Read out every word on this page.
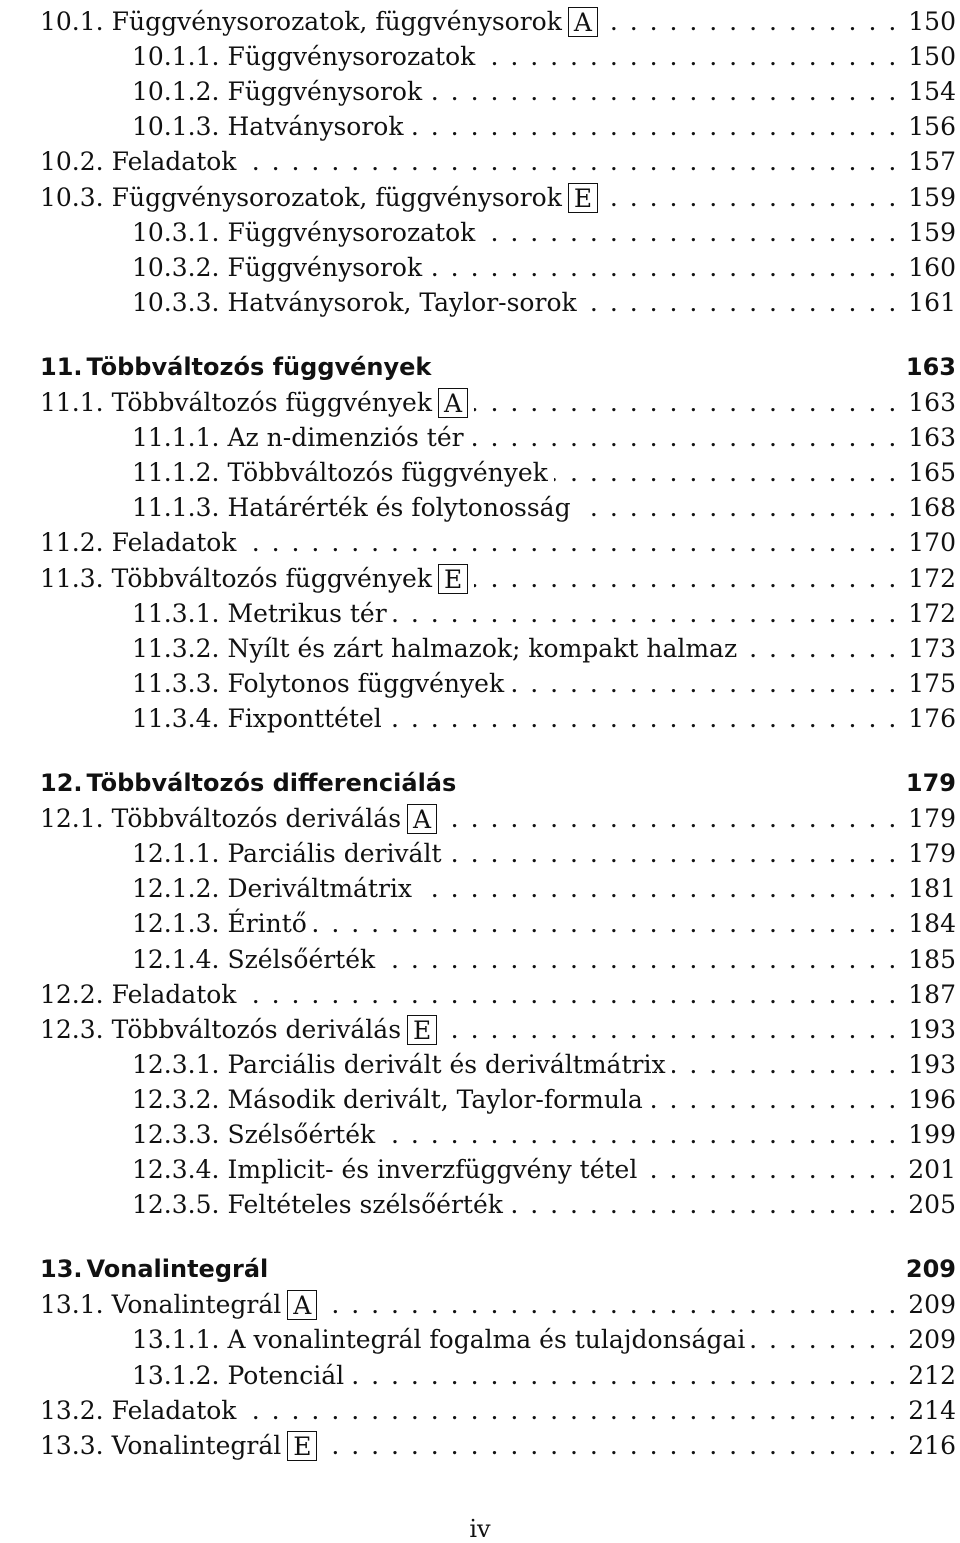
10.1. Függvénysorozatok, függvénysorok A . . .	150
10.1.1. Függvénysorozatok . . .	150
10.1.2. Függvénysorok . . .	154
10.1.3. Hatványsorok . . .	156
10.2. Feladatok . . .	157
10.3. Függvénysorozatok, függvénysorok E . . .	159
10.3.1. Függvénysorozatok . . .	159
10.3.2. Függvénysorok . . .	160
10.3.3. Hatványsorok, Taylor-sorok . . .	161
11. Többváltozós függvények	163
11.1. Többváltozós függvények A . . .	163
11.1.1. Az n-dimenziós tér . . .	163
11.1.2. Többváltozós függvények . . .	165
11.1.3. Határérték és folytonosság . . .	168
11.2. Feladatok . . .	170
11.3. Többváltozós függvények E . . .	172
11.3.1. Metrikus tér . . .	172
11.3.2. Nyílt és zárt halmazok; kompakt halmaz . . .	173
11.3.3. Folytonos függvények . . .	175
11.3.4. Fixponttétel . . .	176
12. Többváltozós differenciálás	179
12.1. Többváltozós deriválás A . . .	179
12.1.1. Parciális derivált . . .	179
12.1.2. Deriváltmátrix . . .	181
12.1.3. Érintő . . .	184
12.1.4. Szélsőérték . . .	185
12.2. Feladatok . . .	187
12.3. Többváltozós deriválás E . . .	193
12.3.1. Parciális derivált és deriváltmátrix . . .	193
12.3.2. Második derivált, Taylor-formula . . .	196
12.3.3. Szélsőérték . . .	199
12.3.4. Implicit- és inverzfüggvény tétel . . .	201
12.3.5. Feltételes szélsőérték . . .	205
13. Vonalintegrál	209
13.1. Vonalintegrál A . . .	209
13.1.1. A vonalintegrál fogalma és tulajdonságai . . .	209
13.1.2. Potenciál . . .	212
13.2. Feladatok . . .	214
13.3. Vonalintegrál E . . .	216
iv
